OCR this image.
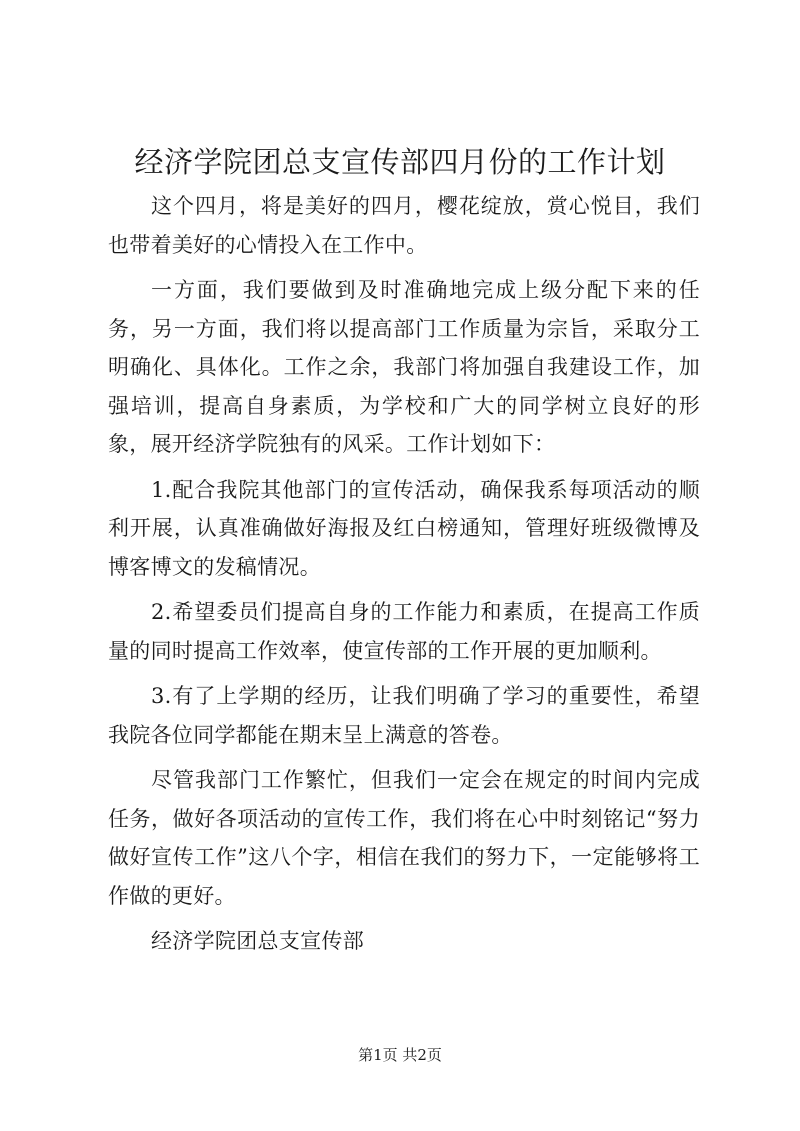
经济学院团总支宣传部四月份的工作计划

这个四月，将是美好的四月，樱花绽放，赏心悦目，我们也带着美好的心情投入在工作中。

一方面，我们要做到及时准确地完成上级分配下来的任务，另一方面，我们将以提高部门工作质量为宗旨，采取分工明确化、具体化。工作之余，我部门将加强自我建设工作，加强培训，提高自身素质，为学校和广大的同学树立良好的形象，展开经济学院独有的风采。工作计划如下：

1.配合我院其他部门的宣传活动，确保我系每项活动的顺利开展，认真准确做好海报及红白榜通知，管理好班级微博及博客博文的发稿情况。

2.希望委员们提高自身的工作能力和素质，在提高工作质量的同时提高工作效率，使宣传部的工作开展的更加顺利。

3.有了上学期的经历，让我们明确了学习的重要性，希望我院各位同学都能在期末呈上满意的答卷。

尽管我部门工作繁忙，但我们一定会在规定的时间内完成任务，做好各项活动的宣传工作，我们将在心中时刻铭记“努力做好宣传工作”这八个字，相信在我们的努力下，一定能够将工作做的更好。

经济学院团总支宣传部

第1页 共2页
